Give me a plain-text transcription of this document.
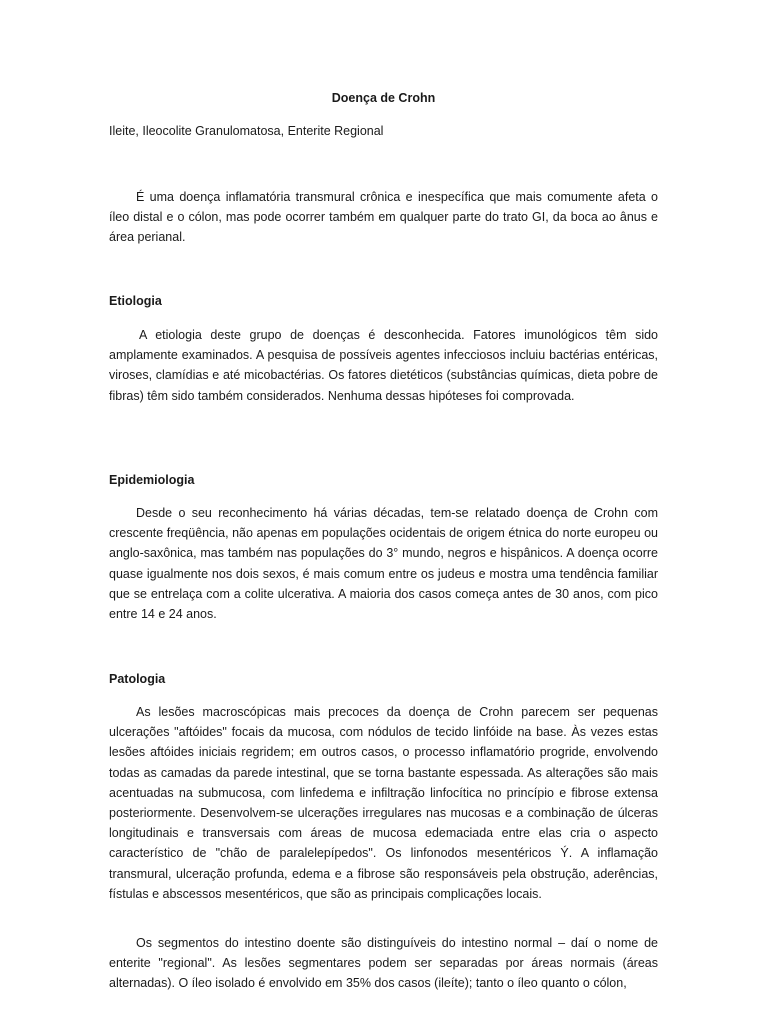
Doença de Crohn
Ileite, Ileocolite Granulomatosa, Enterite Regional

É uma doença inflamatória transmural crônica e inespecífica que mais comumente afeta o íleo distal e o cólon, mas pode ocorrer também em qualquer parte do trato GI, da boca ao ânus e área perianal.

Etiologia

A etiologia deste grupo de doenças é desconhecida. Fatores imunológicos têm sido amplamente examinados. A pesquisa de possíveis agentes infecciosos incluiu bactérias entéricas, viroses, clamídias e até micobactérias. Os fatores dietéticos (substâncias químicas, dieta pobre de fibras) têm sido também considerados. Nenhuma dessas hipóteses foi comprovada.

Epidemiologia

Desde o seu reconhecimento há várias décadas, tem-se relatado doença de Crohn com crescente freqüência, não apenas em populações ocidentais de origem étnica do norte europeu ou anglo-saxônica, mas também nas populações do 3° mundo, negros e hispânicos. A doença ocorre quase igualmente nos dois sexos, é mais comum entre os judeus e mostra uma tendência familiar que se entrelaça com a colite ulcerativa. A maioria dos casos começa antes de 30 anos, com pico entre 14 e 24 anos.

Patologia

As lesões macroscópicas mais precoces da doença de Crohn parecem ser pequenas ulcerações "aftóides" focais da mucosa, com nódulos de tecido linfóide na base. Às vezes estas lesões aftóides iniciais regridem; em outros casos, o processo inflamatório progride, envolvendo todas as camadas da parede intestinal, que se torna bastante espessada. As alterações são mais acentuadas na submucosa, com linfedema e infiltração linfocítica no princípio e fibrose extensa posteriormente. Desenvolvem-se ulcerações irregulares nas mucosas e a combinação de úlceras longitudinais e transversais com áreas de mucosa edemaciada entre elas cria o aspecto característico de "chão de paralelepípedos". Os linfonodos mesentéricos Ý. A inflamação transmural, ulceração profunda, edema e a fibrose são responsáveis pela obstrução, aderências, fístulas e abscessos mesentéricos, que são as principais complicações locais.

Os segmentos do intestino doente são distinguíveis do intestino normal – daí o nome de enterite "regional". As lesões segmentares podem ser separadas por áreas normais (áreas alternadas). O íleo isolado é envolvido em 35% dos casos (ileíte); tanto o íleo quanto o cólon,
